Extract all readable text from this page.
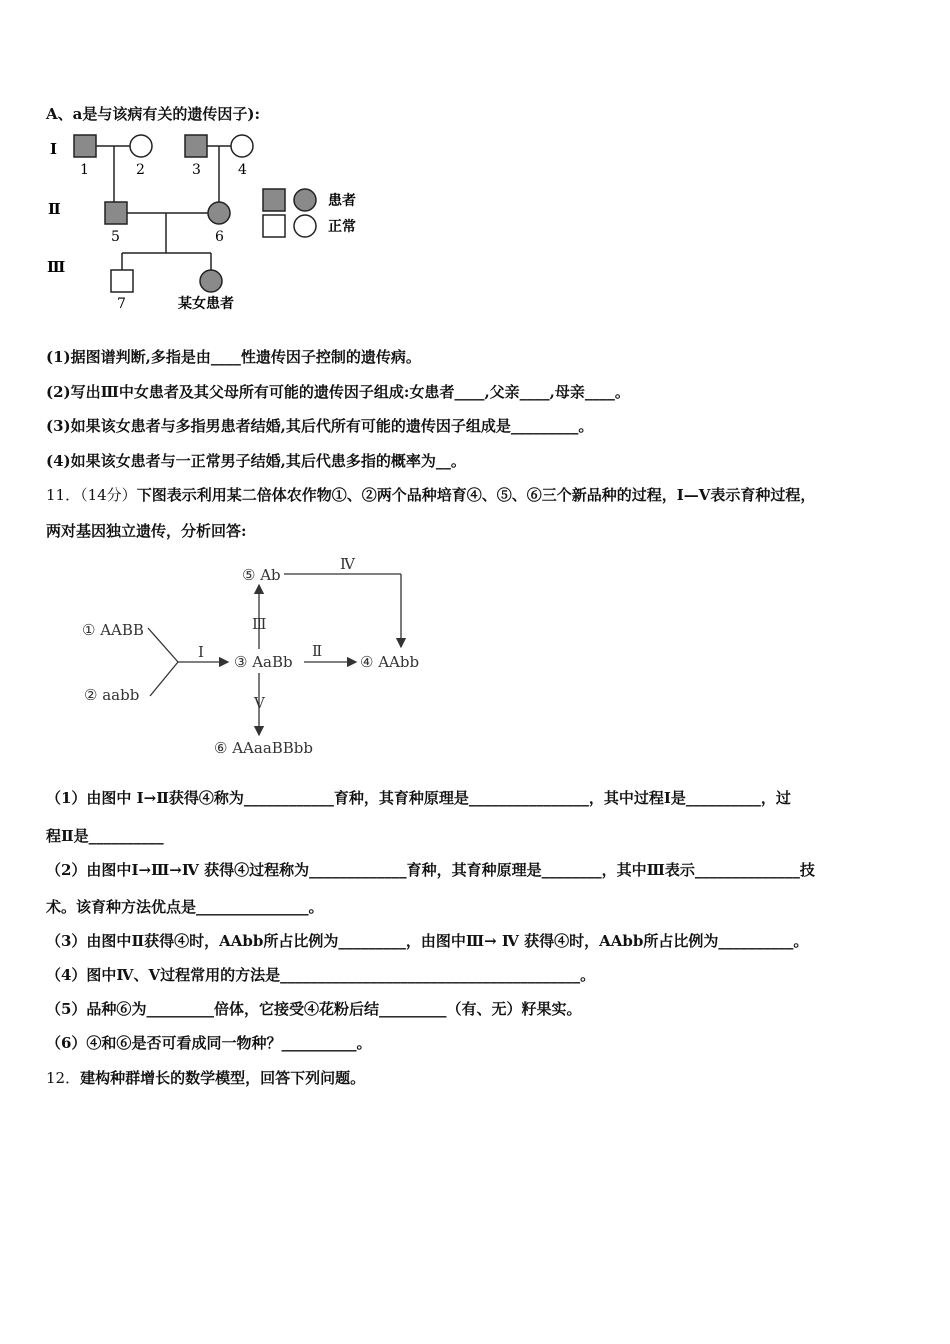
A、a是与该病有关的遗传因子):
Ⅰ
Ⅱ
Ⅲ
1	2	3	4
5	6
7	某女患者
患者
正常
(1)据图谱判断,多指是由____性遗传因子控制的遗传病。
(2)写出Ⅲ中女患者及其父母所有可能的遗传因子组成:女患者____,父亲____,母亲____。
(3)如果该女患者与多指男患者结婚,其后代所有可能的遗传因子组成是_________。
(4)如果该女患者与一正常男子结婚,其后代患多指的概率为__。
11．（14分）下图表示利用某二倍体农作物①、②两个品种培育④、⑤、⑥三个新品种的过程，Ⅰ—Ⅴ表示育种过程，
两对基因独立遗传，分析回答:
① AABB
② aabb
Ⅰ
③ AaBb
Ⅱ
④ AAbb
Ⅲ
⑤ Ab
Ⅳ
Ⅴ
⑥ AAaaBBbb
（1）由图中 Ⅰ→Ⅱ获得④称为____________育种，其育种原理是________________，其中过程Ⅰ是__________，过
程Ⅱ是__________
（2）由图中Ⅰ→Ⅲ→Ⅳ 获得④过程称为_____________育种，其育种原理是________，其中Ⅲ表示______________技
术。该育种方法优点是_______________。
（3）由图中Ⅱ获得④时，AAbb所占比例为_________，由图中Ⅲ→ Ⅳ 获得④时，AAbb所占比例为__________。
（4）图中Ⅳ、Ⅴ过程常用的方法是________________________________________。
（5）品种⑥为_________倍体，它接受④花粉后结_________（有、无）籽果实。
（6）④和⑥是否可看成同一物种？__________。
12．建构种群增长的数学模型，回答下列问题。
